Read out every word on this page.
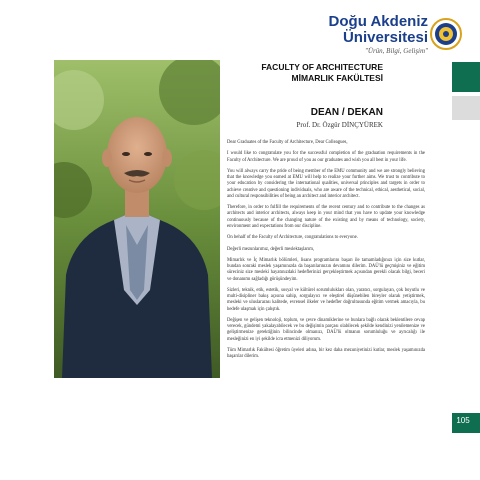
Doğu Akdeniz
Üniversitesi
"Ürün, Bilgi, Gelişim"
105
FACULTY OF ARCHITECTURE
MİMARLIK FAKÜLTESİ
DEAN / DEKAN
Prof. Dr. Özgür DİNÇYÜREK

Dear Graduates of the Faculty of Architecture, Dear Colleagues,

I would like to congratulate you for the successful completion of the graduation requirements in the Faculty of Architecture. We are proud of you as our graduates and wish you all best in your life.

You will always carry the pride of being member of the EMU community and we are strongly believing that the knowledge you earned at EMU will help to realize your further aims. We trust to contribute to your education by considering the international qualities, universal principles and targets in order to achieve creative and questioning individuals, who are aware of the technical, ethical, aesthetical, social, and cultural responsibilities of being an architect and interior architect.

Therefore, in order to fulfill the requirements of the recent century and to contribute to the changes as architects and interior architects, always keep in your mind that you have to update your knowledge continuously because of the changing nature of the existing and by means of technology, society, environment and expectations from our discipline.

On behalf of the Faculty of Architecture, congratulations to everyone.

Değerli mezunlarımız, değerli meslektaşlarım,

Mimarlık ve İç Mimarlık bölümleri, lisans programlarını başarı ile tamamladığınızı için size kutlar, bundan sonraki meslek yaşamınızda da başarılarınızın devamını dilerim. DAÜ'lü geçmişiniz ve eğitim süreciniz size mesleki hayatınızdaki hedeflerinizi gerçekleştirmek açısından gerekli olacak bilgi, beceri ve donanımı sağladığı görüşündeyim.

Sizleri, teknik, etik, estetik, sosyal ve kültürel sorumlulukları olan, yaratıcı, sorgulayan, çok boyutlu ve multi-disipliner bakış açısına sahip, sorgulayıcı ve eleştirel düşünebilen bireyler olarak yetiştirmek, mesleki ve uluslararası kalitede, evrensel ilkeler ve hedefler doğrultusunda eğitim vermek amacıyla, bu hedefe ulaşmak için çalıştık.

Değişen ve gelişen teknoloji, toplum, ve çevre dinamiklerine ve bunlara bağlı olarak beklentilere cevap verecek, gündemi yakalayabilecek ve bu değişimin parçası olabilecek şekilde kendinizi yenilemenize ve geliştirmenize gerektiğinin bilincinde olmanızı, DAÜ'lü olmanın sorumluluğu ve ayrıcalığı ile mesleğinizi en iyi şekilde icra etmenizi diliyorum.

Tüm Mimarlık Fakültesi öğretim üyeleri adına, bir kez daha mezuniyetinizi kutlar, meslek yaşamınızda başarılar dilerim.
